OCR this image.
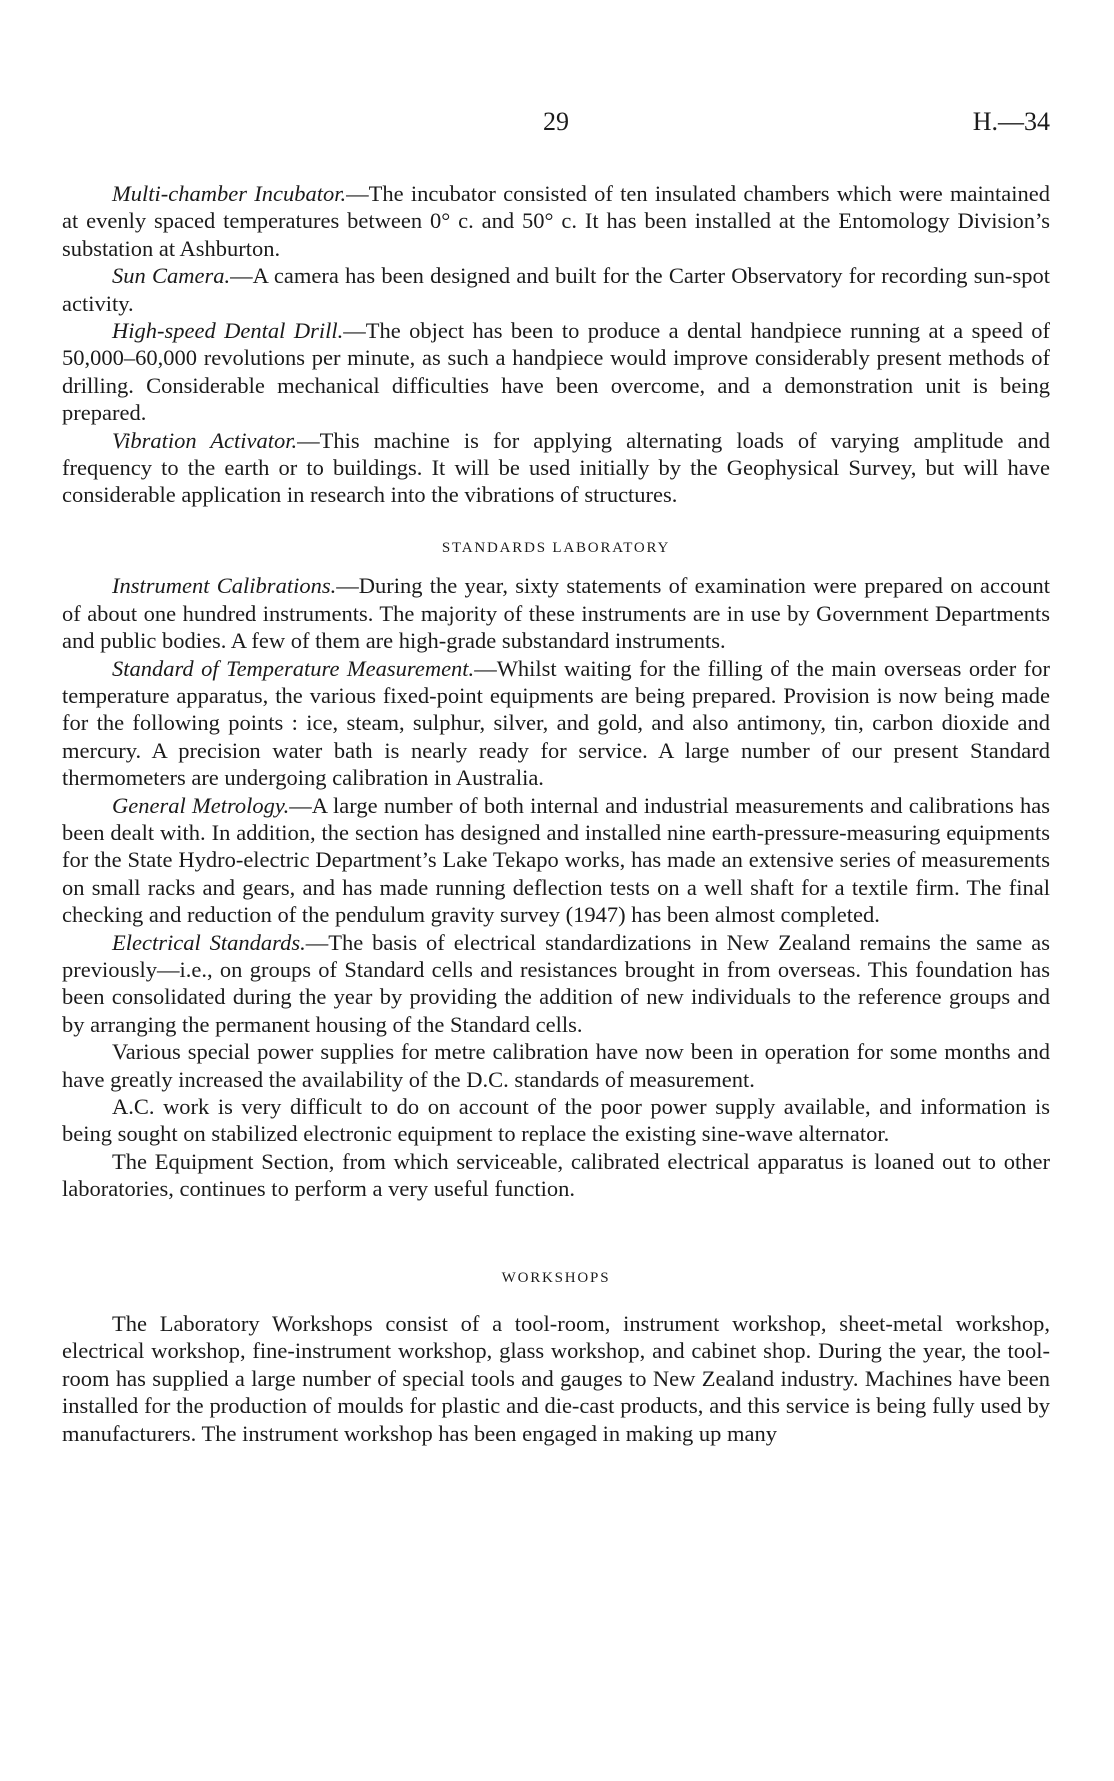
29	H.—34

Multi-chamber Incubator.—The incubator consisted of ten insulated chambers which were maintained at evenly spaced temperatures between 0° c. and 50° c. It has been installed at the Entomology Division’s substation at Ashburton.

Sun Camera.—A camera has been designed and built for the Carter Observatory for recording sun-spot activity.

High-speed Dental Drill.—The object has been to produce a dental handpiece running at a speed of 50,000–60,000 revolutions per minute, as such a handpiece would improve considerably present methods of drilling. Considerable mechanical difficulties have been overcome, and a demonstration unit is being prepared.

Vibration Activator.—This machine is for applying alternating loads of varying amplitude and frequency to the earth or to buildings. It will be used initially by the Geophysical Survey, but will have considerable application in research into the vibrations of structures.

STANDARDS LABORATORY

Instrument Calibrations.—During the year, sixty statements of examination were prepared on account of about one hundred instruments. The majority of these instruments are in use by Government Departments and public bodies. A few of them are high-grade substandard instruments.

Standard of Temperature Measurement.—Whilst waiting for the filling of the main overseas order for temperature apparatus, the various fixed-point equipments are being prepared. Provision is now being made for the following points : ice, steam, sulphur, silver, and gold, and also antimony, tin, carbon dioxide and mercury. A precision water bath is nearly ready for service. A large number of our present Standard thermometers are undergoing calibration in Australia.

General Metrology.—A large number of both internal and industrial measurements and calibrations has been dealt with. In addition, the section has designed and installed nine earth-pressure-measuring equipments for the State Hydro-electric Department’s Lake Tekapo works, has made an extensive series of measurements on small racks and gears, and has made running deflection tests on a well shaft for a textile firm. The final checking and reduction of the pendulum gravity survey (1947) has been almost completed.

Electrical Standards.—The basis of electrical standardizations in New Zealand remains the same as previously—i.e., on groups of Standard cells and resistances brought in from overseas. This foundation has been consolidated during the year by providing the addition of new individuals to the reference groups and by arranging the permanent housing of the Standard cells.

Various special power supplies for metre calibration have now been in operation for some months and have greatly increased the availability of the D.C. standards of measurement.

A.C. work is very difficult to do on account of the poor power supply available, and information is being sought on stabilized electronic equipment to replace the existing sine-wave alternator.

The Equipment Section, from which serviceable, calibrated electrical apparatus is loaned out to other laboratories, continues to perform a very useful function.

WORKSHOPS

The Laboratory Workshops consist of a tool-room, instrument workshop, sheet-metal workshop, electrical workshop, fine-instrument workshop, glass workshop, and cabinet shop. During the year, the tool-room has supplied a large number of special tools and gauges to New Zealand industry. Machines have been installed for the production of moulds for plastic and die-cast products, and this service is being fully used by manufacturers. The instrument workshop has been engaged in making up many
